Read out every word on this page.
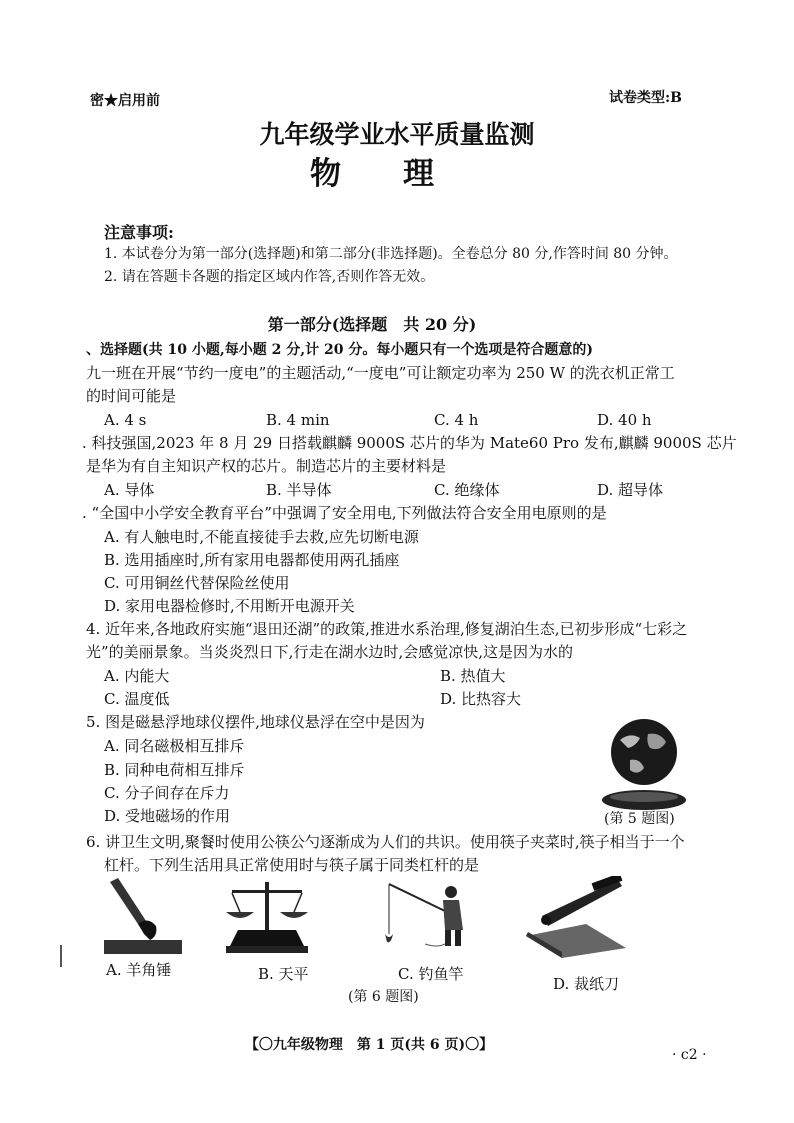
密★启用前	试卷类型:B
九年级学业水平质量监测
物　　理
注意事项:
1. 本试卷分为第一部分(选择题)和第二部分(非选择题)。全卷总分 80 分,作答时间 80 分钟。
2. 请在答题卡各题的指定区域内作答,否则作答无效。
第一部分(选择题　共 20 分)
、选择题(共 10 小题,每小题 2 分,计 20 分。每小题只有一个选项是符合题意的)
九一班在开展“节约一度电”的主题活动,“一度电”可让额定功率为 250 W 的洗衣机正常工
的时间可能是
A. 4 s	B. 4 min	C. 4 h	D. 40 h
. 科技强国,2023 年 8 月 29 日搭载麒麟 9000S 芯片的华为 Mate60 Pro 发布,麒麟 9000S 芯片
是华为有自主知识产权的芯片。制造芯片的主要材料是
A. 导体	B. 半导体	C. 绝缘体	D. 超导体
. “全国中小学安全教育平台”中强调了安全用电,下列做法符合安全用电原则的是
A. 有人触电时,不能直接徒手去救,应先切断电源
B. 选用插座时,所有家用电器都使用两孔插座
C. 可用铜丝代替保险丝使用
D. 家用电器检修时,不用断开电源开关
4. 近年来,各地政府实施“退田还湖”的政策,推进水系治理,修复湖泊生态,已初步形成“七彩之
光”的美丽景象。当炎炎烈日下,行走在湖水边时,会感觉凉快,这是因为水的
A. 内能大	B. 热值大
C. 温度低	D. 比热容大
5. 图是磁悬浮地球仪摆件,地球仪悬浮在空中是因为
A. 同名磁极相互排斥
B. 同种电荷相互排斥
C. 分子间存在斥力
D. 受地磁场的作用	(第 5 题图)
6. 讲卫生文明,聚餐时使用公筷公勺逐渐成为人们的共识。使用筷子夹菜时,筷子相当于一个
杠杆。下列生活用具正常使用时与筷子属于同类杠杆的是
A. 羊角锤	B. 天平	C. 钓鱼竿
D. 裁纸刀
(第 6 题图)
【〇九年级物理　第 1 页(共 6 页)〇】
· c2 ·
